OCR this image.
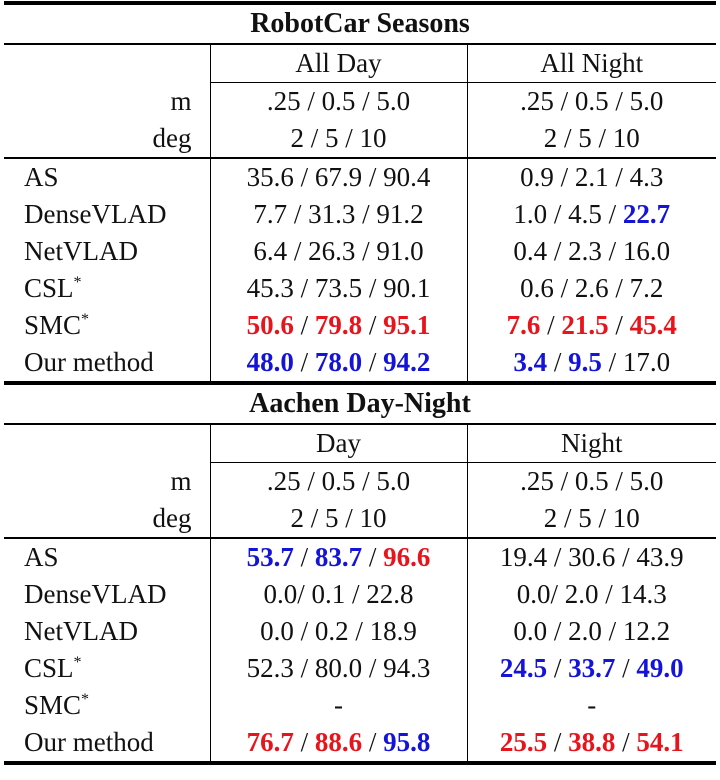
RobotCar Seasons		
	All Day	All Night
m	.25 / 0.5 / 5.0	.25 / 0.5 / 5.0
deg	2 / 5 / 10	2 / 5 / 10
AS	35.6 / 67.9 / 90.4	0.9 / 2.1 / 4.3
DenseVLAD	7.7 / 31.3 / 91.2	1.0 / 4.5 / 22.7
NetVLAD	6.4 / 26.3 / 91.0	0.4 / 2.3 / 16.0
CSL*	45.3 / 73.5 / 90.1	0.6 / 2.6 / 7.2
SMC*	50.6 / 79.8 / 95.1	7.6 / 21.5 / 45.4
Our method	48.0 / 78.0 / 94.2	3.4 / 9.5 / 17.0
Aachen Day-Night		
	Day	Night
m	.25 / 0.5 / 5.0	.25 / 0.5 / 5.0
deg	2 / 5 / 10	2 / 5 / 10
AS	53.7 / 83.7 / 96.6	19.4 / 30.6 / 43.9
DenseVLAD	0.0/ 0.1 / 22.8	0.0/ 2.0 / 14.3
NetVLAD	0.0 / 0.2 / 18.9	0.0 / 2.0 / 12.2
CSL*	52.3 / 80.0 / 94.3	24.5 / 33.7 / 49.0
SMC*	-	-
Our method	76.7 / 88.6 / 95.8	25.5 / 38.8 / 54.1
